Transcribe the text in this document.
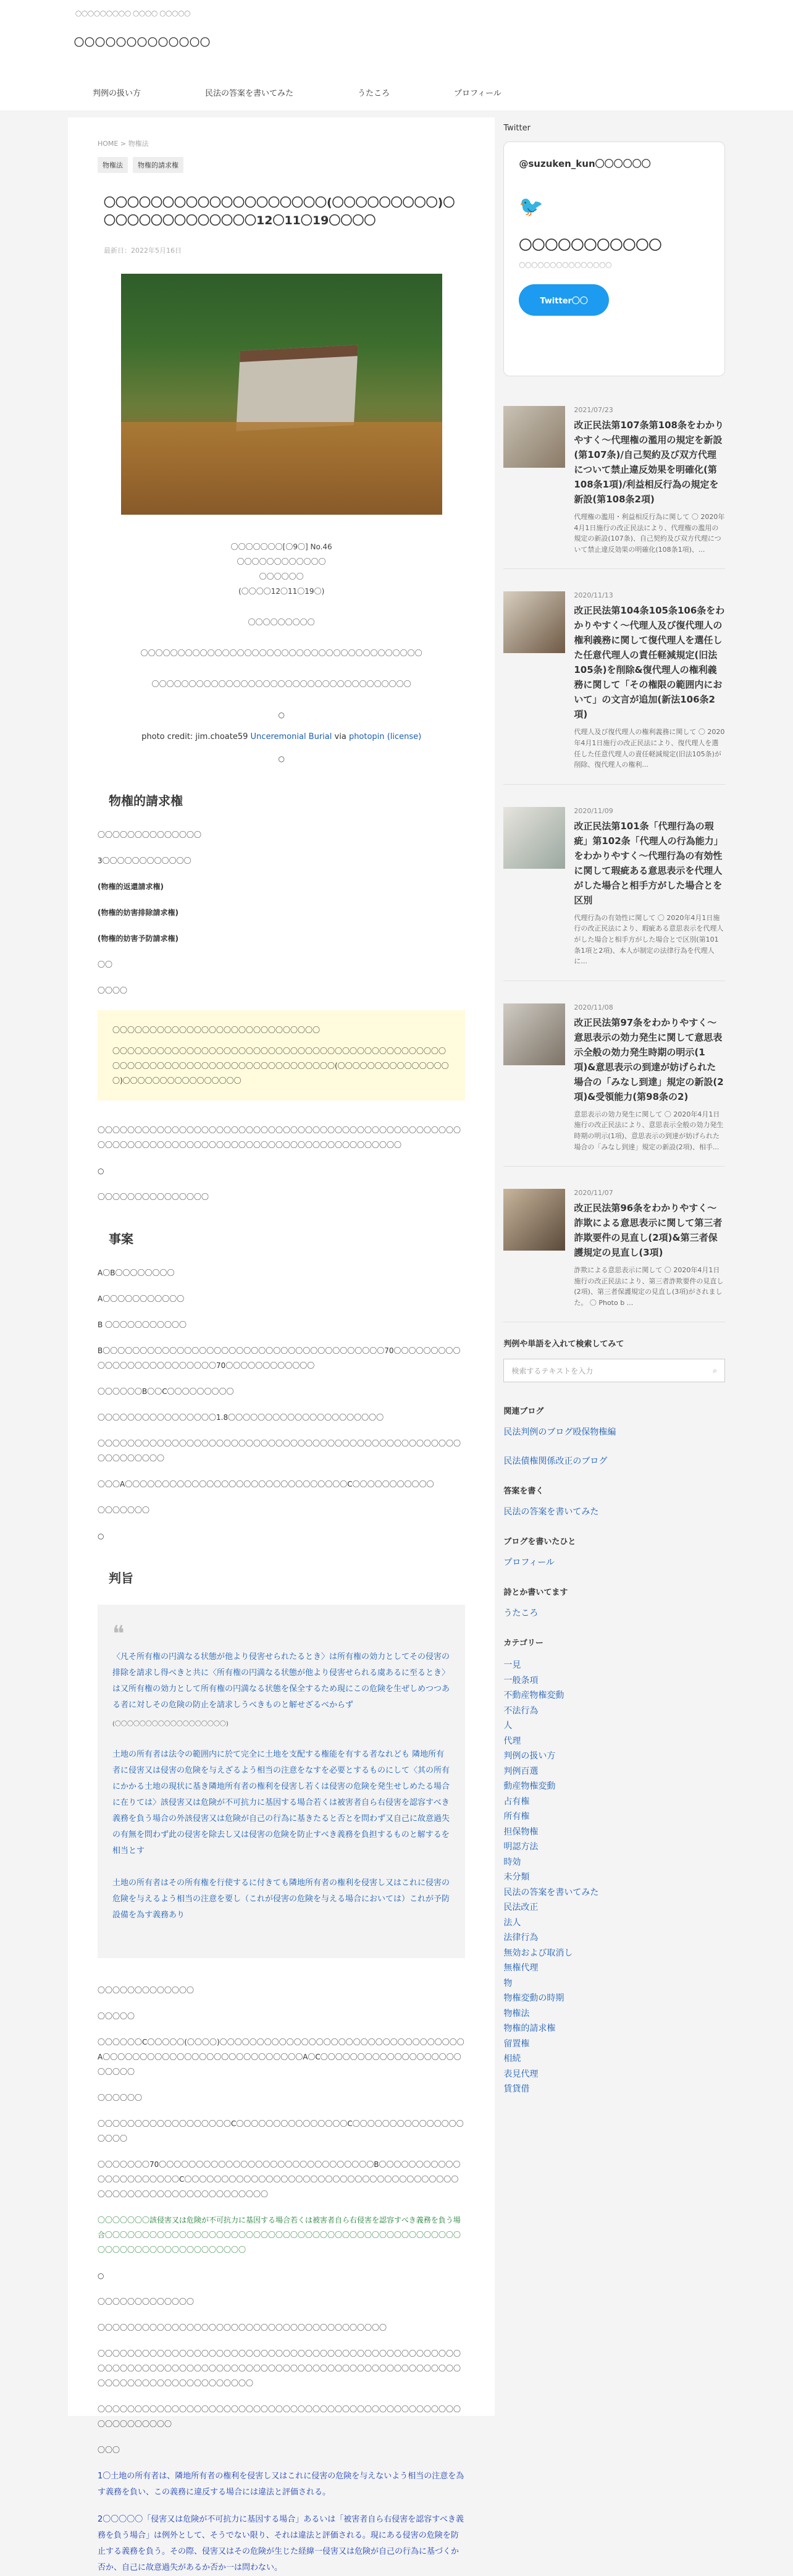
〇〇〇〇〇〇〇〇〇 〇〇〇〇 〇〇〇〇〇
〇〇〇〇〇〇〇〇〇〇〇〇〇
判例の扱い方	民法の答案を書いてみた	うたころ	プロフィール
HOME > 物権法
物権法	物権的請求権
〇〇〇〇〇〇〇〇〇〇〇〇〇〇〇〇〇〇〇(〇〇〇〇〇〇〇〇〇)〇〇〇〇〇〇〇〇〇〇〇〇〇〇12〇11〇19〇〇〇〇
最新日：2022年5月16日

〇〇〇〇〇〇〇[〇9〇] No.46

〇〇〇〇〇〇〇〇〇〇〇〇

〇〇〇〇〇〇

(〇〇〇〇12〇11〇19〇)

〇〇〇〇〇〇〇〇〇

〇〇〇〇〇〇〇〇〇〇〇〇〇〇〇〇〇〇〇〇〇〇〇〇〇〇〇〇〇〇〇〇〇〇〇〇〇〇

〇〇〇〇〇〇〇〇〇〇〇〇〇〇〇〇〇〇〇〇〇〇〇〇〇〇〇〇〇〇〇〇〇〇〇

○

photo credit: jim.choate59 Unceremonial Burial via photopin (license)
○
物権的請求権

〇〇〇〇〇〇〇〇〇〇〇〇〇〇

3〇〇〇〇〇〇〇〇〇〇〇〇

(物権的返還請求権)

(物権的妨害排除請求権)

(物権的妨害予防請求権)

〇〇

〇〇〇〇

〇〇〇〇〇〇〇〇〇〇〇〇〇〇〇〇〇〇〇〇〇〇〇〇〇〇〇〇

〇〇〇〇〇〇〇〇〇〇〇〇〇〇〇〇〇〇〇〇〇〇〇〇〇〇〇〇〇〇〇〇〇〇〇〇〇〇〇〇〇〇〇〇〇〇〇〇〇〇〇〇〇〇〇〇〇〇〇〇〇〇〇〇〇〇〇〇〇〇〇〇〇〇〇(〇〇〇〇〇〇〇〇〇〇〇〇〇〇〇〇)〇〇〇〇〇〇〇〇〇〇〇〇〇〇〇〇

〇〇〇〇〇〇〇〇〇〇〇〇〇〇〇〇〇〇〇〇〇〇〇〇〇〇〇〇〇〇〇〇〇〇〇〇〇〇〇〇〇〇〇〇〇〇〇〇〇〇〇〇〇〇〇〇〇〇〇〇〇〇〇〇〇〇〇〇〇〇〇〇〇〇〇〇〇〇〇〇〇〇〇〇〇〇〇〇〇〇

○

〇〇〇〇〇〇〇〇〇〇〇〇〇〇〇

事案

A〇B〇〇〇〇〇〇〇〇

A〇〇〇〇〇〇〇〇〇〇〇

B 〇〇〇〇〇〇〇〇〇〇〇

B〇〇〇〇〇〇〇〇〇〇〇〇〇〇〇〇〇〇〇〇〇〇〇〇〇〇〇〇〇〇〇〇〇〇〇〇〇〇70〇〇〇〇〇〇〇〇〇〇〇〇〇〇〇〇〇〇〇〇〇〇〇〇〇70〇〇〇〇〇〇〇〇〇〇〇〇

〇〇〇〇〇〇B〇〇C〇〇〇〇〇〇〇〇〇

〇〇〇〇〇〇〇〇〇〇〇〇〇〇〇〇1.8〇〇〇〇〇〇〇〇〇〇〇〇〇〇〇〇〇〇〇〇〇

〇〇〇〇〇〇〇〇〇〇〇〇〇〇〇〇〇〇〇〇〇〇〇〇〇〇〇〇〇〇〇〇〇〇〇〇〇〇〇〇〇〇〇〇〇〇〇〇〇〇〇〇〇〇〇〇〇〇

〇〇〇A〇〇〇〇〇〇〇〇〇〇〇〇〇〇〇〇〇〇〇〇〇〇〇〇〇〇〇〇〇〇C〇〇〇〇〇〇〇〇〇〇〇

〇〇〇〇〇〇〇

○

判旨
❝

〈凡そ所有権の円満なる状態が他より侵害せられたるとき〉は所有権の効力としてその侵害の排除を請求し得べきと共に〈所有権の円満なる状態が他より侵害せられる虞あるに至るとき〉は又所有権の効力として所有権の円満なる状態を保全するため現にこの危険を生ぜしめつつある者に対しその危険の防止を請求しうべきものと解せざるべからず

(〇〇〇〇〇〇〇〇〇〇〇〇〇〇〇〇〇〇)

土地の所有者は法令の範囲内に於て完全に土地を支配する権能を有する者なれども 隣地所有者に侵害又は侵害の危険を与えざるよう相当の注意をなすを必要とするものにして〈其の所有にかかる土地の現状に基き隣地所有者の権利を侵害し若くは侵害の危険を発生せしめたる場合に在りては〉該侵害又は危険が不可抗力に基因する場合若くは被害者自ら右侵害を認容すべき義務を負う場合の外該侵害又は危険が自己の行為に基きたると否とを問わず又自己に故意過失の有無を問わず此の侵害を除去し又は侵害の危険を防止すべき義務を負担するものと解するを相当とす

土地の所有者はその所有権を行使するに付きても隣地所有者の権利を侵害し又はこれに侵害の危険を与えるよう相当の注意を要し（これが侵害の危険を与える場合においては）これが予防設備を為す義務あり

〇〇〇〇〇〇〇〇〇〇〇〇〇

〇〇〇〇〇

〇〇〇〇〇〇C〇〇〇〇〇(〇〇〇〇)〇〇〇〇〇〇〇〇〇〇〇〇〇〇〇〇〇〇〇〇〇〇〇〇〇〇〇〇〇〇〇〇〇A〇〇〇〇〇〇〇〇〇〇〇〇〇〇〇〇〇〇〇〇〇〇〇〇〇〇〇A〇C〇〇〇〇〇〇〇〇〇〇〇〇〇〇〇〇〇〇〇〇〇〇〇〇

〇〇〇〇〇〇

〇〇〇〇〇〇〇〇〇〇〇〇〇〇〇〇〇〇C〇〇〇〇〇〇〇〇〇〇〇〇〇〇〇C〇〇〇〇〇〇〇〇〇〇〇〇〇〇〇〇〇〇〇

〇〇〇〇〇〇〇70〇〇〇〇〇〇〇〇〇〇〇〇〇〇〇〇〇〇〇〇〇〇〇〇〇〇〇〇〇B〇〇〇〇〇〇〇〇〇〇〇〇〇〇〇〇〇〇〇〇〇〇C〇〇〇〇〇〇〇〇〇〇〇〇〇〇〇〇〇〇〇〇〇〇〇〇〇〇〇〇〇〇〇〇〇〇〇〇〇〇〇〇〇〇〇〇〇〇〇〇〇〇〇〇〇〇〇〇〇〇〇〇

〇〇〇〇〇〇〇該侵害又は危険が不可抗力に基因する場合若くは被害者自ら右侵害を認容すべき義務を負う場合〇〇〇〇〇〇〇〇〇〇〇〇〇〇〇〇〇〇〇〇〇〇〇〇〇〇〇〇〇〇〇〇〇〇〇〇〇〇〇〇〇〇〇〇〇〇〇〇〇〇〇〇〇〇〇〇〇〇〇〇〇〇〇〇〇〇〇〇

○

〇〇〇〇〇〇〇〇〇〇〇〇〇

〇〇〇〇〇〇〇〇〇〇〇〇〇〇〇〇〇〇〇〇〇〇〇〇〇〇〇〇〇〇〇〇〇〇〇〇〇〇〇

〇〇〇〇〇〇〇〇〇〇〇〇〇〇〇〇〇〇〇〇〇〇〇〇〇〇〇〇〇〇〇〇〇〇〇〇〇〇〇〇〇〇〇〇〇〇〇〇〇〇〇〇〇〇〇〇〇〇〇〇〇〇〇〇〇〇〇〇〇〇〇〇〇〇〇〇〇〇〇〇〇〇〇〇〇〇〇〇〇〇〇〇〇〇〇〇〇〇〇〇〇〇〇〇〇〇〇〇〇〇〇〇〇〇〇〇〇〇〇

〇〇〇〇〇〇〇〇〇〇〇〇〇〇〇〇〇〇〇〇〇〇〇〇〇〇〇〇〇〇〇〇〇〇〇〇〇〇〇〇〇〇〇〇〇〇〇〇〇〇〇〇〇〇〇〇〇〇〇

〇〇〇

1〇土地の所有者は、隣地所有者の権利を侵害し又はこれに侵害の危険を与えないよう相当の注意を為す義務を負い、この義務に違反する場合には違法と評価される。

2〇〇〇〇〇「侵害又は危険が不可抗力に基因する場合」あるいは「被害者自ら右侵害を認容すべき義務を負う場合」は例外として、そうでない限り、それは違法と評価される。現にある侵害の危険を防止する義務を負う。その際、侵害又はその危険が生じた経緯一侵害又は危険が自己の行為に基づくか否か、自己に故意過失があるか否か一は問わない。

Twitter
@suzuken_kun〇〇〇〇〇〇
🐦
〇〇〇〇〇〇〇〇〇〇〇
〇〇〇〇〇〇〇〇〇〇〇〇〇〇〇
Twitter〇〇
2021/07/23
改正民法第107条第108条をわかりやすく〜代理権の濫用の規定を新設(第107条)/自己契約及び双方代理について禁止違反効果を明確化(第108条1項)/利益相反行為の規定を新設(第108条2項)
代理権の濫用・利益相反行為に関して 〇 2020年4月1日施行の改正民法により、代理権の濫用の規定の新設(107条)、自己契約及び双方代理について禁止違反効果の明確化(108条1項)、...
2020/11/13
改正民法第104条105条106条をわかりやすく〜代理人及び復代理人の権利義務に関して復代理人を選任した任意代理人の責任軽減規定(旧法105条)を削除&復代理人の権利義務に関して「その権限の範囲内において」の文言が追加(新法106条2項)
代理人及び復代理人の権利義務に関して 〇 2020年4月1日施行の改正民法により、復代理人を選任した任意代理人の責任軽減規定(旧法105条)が削除、復代理人の権利...
2020/11/09
改正民法第101条「代理行為の瑕疵」第102条「代理人の行為能力」をわかりやすく〜代理行為の有効性に関して瑕疵ある意思表示を代理人がした場合と相手方がした場合とを区別
代理行為の有効性に関して 〇 2020年4月1日施行の改正民法により、瑕疵ある意思表示を代理人がした場合と相手方がした場合とで区別(第101条1項と2項)、本人が制定の法律行為を代理人に...
2020/11/08
改正民法第97条をわかりやすく〜意思表示の効力発生に関して意思表示全般の効力発生時期の明示(1項)&意思表示の到達が妨げられた場合の「みなし到達」規定の新設(2項)&受領能力(第98条の2)
意思表示の効力発生に関して 〇 2020年4月1日施行の改正民法により、意思表示全般の効力発生時期の明示(1項)、意思表示の到達が妨げられた場合の「みなし到達」規定の新設(2項)、相手...
2020/11/07
改正民法第96条をわかりやすく〜詐欺による意思表示に関して第三者詐欺要件の見直し(2項)&第三者保護規定の見直し(3項)
詐欺による意思表示に関して 〇 2020年4月1日施行の改正民法により、第三者詐欺要件の見直し(2項)、第三者保護規定の見直し(3項)がされました。 〇 Photo b ...
判例や単語を入れて検索してみて
検索するテキストを入力	⌕
関連ブログ
民法判例のブログ殴保物権編
民法債権関係改正のブログ
答案を書く
民法の答案を書いてみた
ブログを書いたひと
プロフィール
詩とか書いてます
うたころ
カテゴリー
一見
一般条項
不動産物権変動
不法行為
人
代理
判例の扱い方
判例百選
動産物権変動
占有権
所有権
担保物権
明認方法
時効
未分類
民法の答案を書いてみた
民法改正
法人
法律行為
無効および取消し
無権代理
物
物権変動の時期
物権法
物権的請求権
留置権
相続
表見代理
賃貸借
